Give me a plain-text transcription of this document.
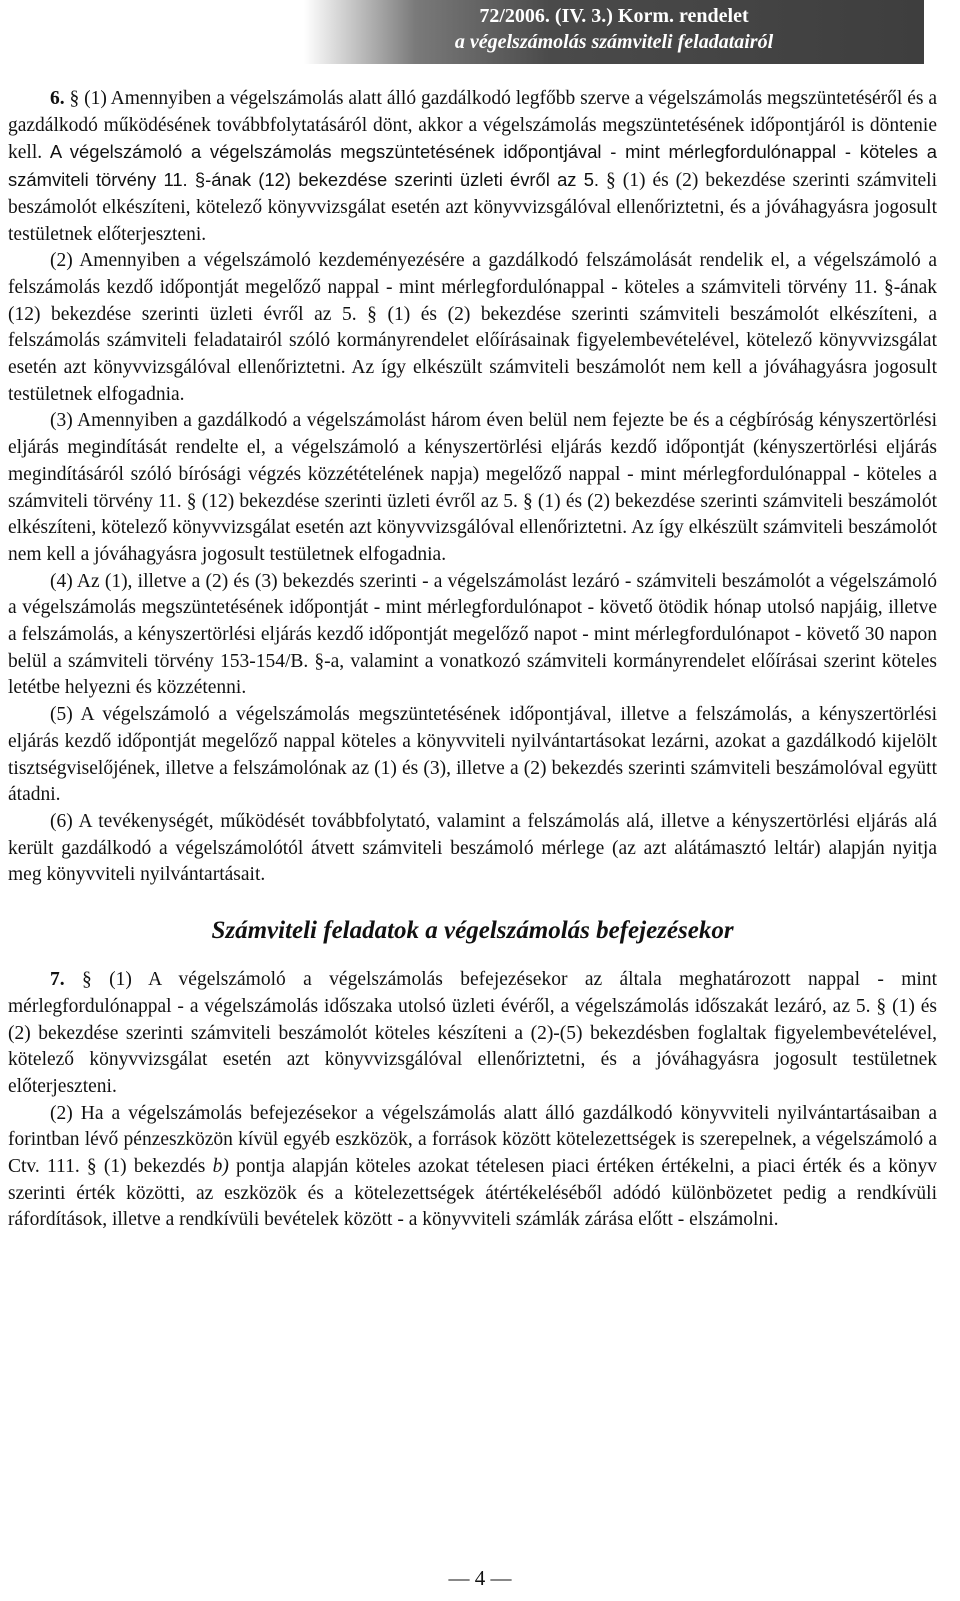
72/2006. (IV. 3.) Korm. rendelet
a végelszámolás számviteli feladatairól

6. § (1) Amennyiben a végelszámolás alatt álló gazdálkodó legfőbb szerve a végelszámolás megszüntetéséről és a gazdálkodó működésének továbbfolytatásáról dönt, akkor a végelszámolás megszüntetésének időpontjáról is döntenie kell. A végelszámoló a végelszámolás megszüntetésének időpontjával - mint mérlegfordulónappal - köteles a számviteli törvény 11. §-ának (12) bekezdése szerinti üzleti évről az 5. § (1) és (2) bekezdése szerinti számviteli beszámolót elkészíteni, kötelező könyvvizsgálat esetén azt könyvvizsgálóval ellenőriztetni, és a jóváhagyásra jogosult testületnek előterjeszteni.

(2) Amennyiben a végelszámoló kezdeményezésére a gazdálkodó felszámolását rendelik el, a végelszámoló a felszámolás kezdő időpontját megelőző nappal - mint mérlegfordulónappal - köteles a számviteli törvény 11. §-ának (12) bekezdése szerinti üzleti évről az 5. § (1) és (2) bekezdése szerinti számviteli beszámolót elkészíteni, a felszámolás számviteli feladatairól szóló kormányrendelet előírásainak figyelembevételével, kötelező könyvvizsgálat esetén azt könyvvizsgálóval ellenőriztetni. Az így elkészült számviteli beszámolót nem kell a jóváhagyásra jogosult testületnek elfogadnia.

(3) Amennyiben a gazdálkodó a végelszámolást három éven belül nem fejezte be és a cégbíróság kényszertörlési eljárás megindítását rendelte el, a végelszámoló a kényszertörlési eljárás kezdő időpontját (kényszertörlési eljárás megindításáról szóló bírósági végzés közzétételének napja) megelőző nappal - mint mérlegfordulónappal - köteles a számviteli törvény 11. § (12) bekezdése szerinti üzleti évről az 5. § (1) és (2) bekezdése szerinti számviteli beszámolót elkészíteni, kötelező könyvvizsgálat esetén azt könyvvizsgálóval ellenőriztetni. Az így elkészült számviteli beszámolót nem kell a jóváhagyásra jogosult testületnek elfogadnia.

(4) Az (1), illetve a (2) és (3) bekezdés szerinti - a végelszámolást lezáró - számviteli beszámolót a végelszámoló a végelszámolás megszüntetésének időpontját - mint mérlegfordulónapot - követő ötödik hónap utolsó napjáig, illetve a felszámolás, a kényszertörlési eljárás kezdő időpontját megelőző napot - mint mérlegfordulónapot - követő 30 napon belül a számviteli törvény 153-154/B. §-a, valamint a vonatkozó számviteli kormányrendelet előírásai szerint köteles letétbe helyezni és közzétenni.

(5) A végelszámoló a végelszámolás megszüntetésének időpontjával, illetve a felszámolás, a kényszertörlési eljárás kezdő időpontját megelőző nappal köteles a könyvviteli nyilvántartásokat lezárni, azokat a gazdálkodó kijelölt tisztségviselőjének, illetve a felszámolónak az (1) és (3), illetve a (2) bekezdés szerinti számviteli beszámolóval együtt átadni.

(6) A tevékenységét, működését továbbfolytató, valamint a felszámolás alá, illetve a kényszertörlési eljárás alá került gazdálkodó a végelszámolótól átvett számviteli beszámoló mérlege (az azt alátámasztó leltár) alapján nyitja meg könyvviteli nyilvántartásait.

Számviteli feladatok a végelszámolás befejezésekor

7. § (1) A végelszámoló a végelszámolás befejezésekor az általa meghatározott nappal - mint mérlegfordulónappal - a végelszámolás időszaka utolsó üzleti évéről, a végelszámolás időszakát lezáró, az 5. § (1) és (2) bekezdése szerinti számviteli beszámolót köteles készíteni a (2)-(5) bekezdésben foglaltak figyelembevételével, kötelező könyvvizsgálat esetén azt könyvvizsgálóval ellenőriztetni, és a jóváhagyásra jogosult testületnek előterjeszteni.

(2) Ha a végelszámolás befejezésekor a végelszámolás alatt álló gazdálkodó könyvviteli nyilvántartásaiban a forintban lévő pénzeszközön kívül egyéb eszközök, a források között kötelezettségek is szerepelnek, a végelszámoló a Ctv. 111. § (1) bekezdés b) pontja alapján köteles azokat tételesen piaci értéken értékelni, a piaci érték és a könyv szerinti érték közötti, az eszközök és a kötelezettségek átértékeléséből adódó különbözetet pedig a rendkívüli ráfordítások, illetve a rendkívüli bevételek között - a könyvviteli számlák zárása előtt - elszámolni.

— 4 —
